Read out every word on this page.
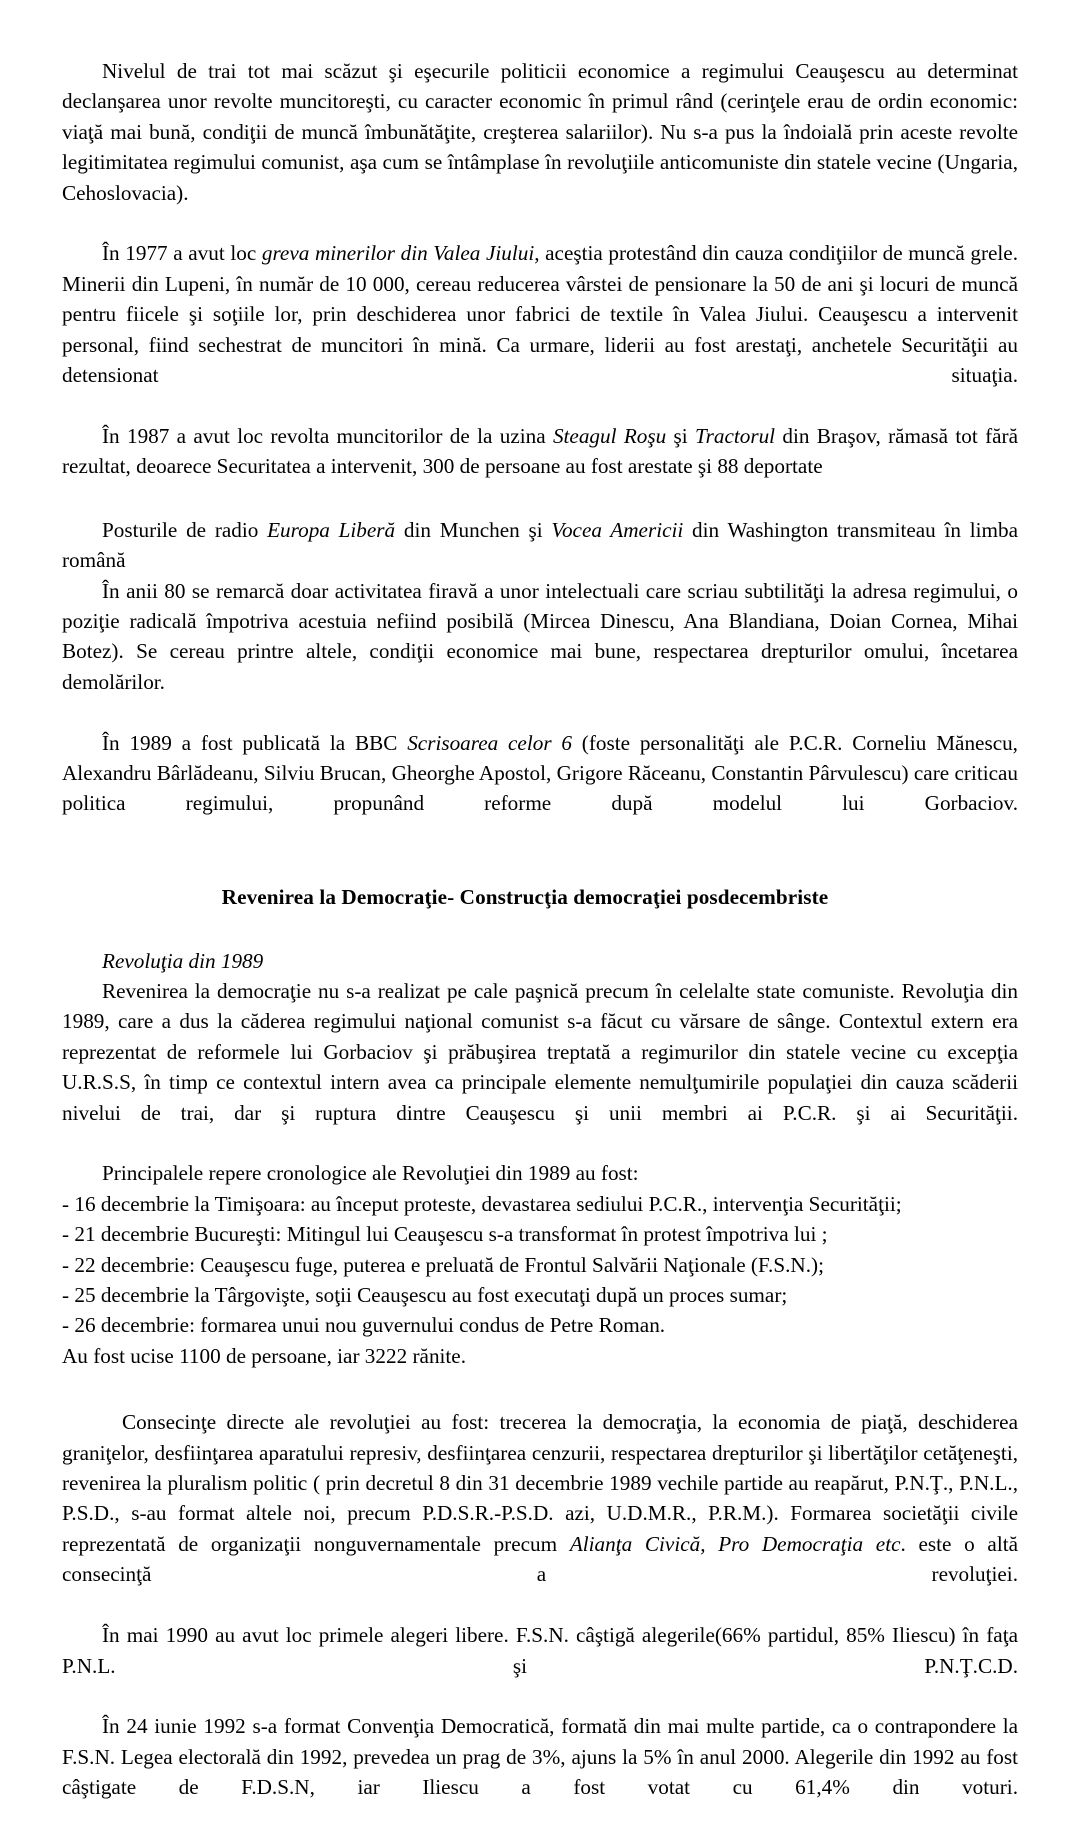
Nivelul de trai tot mai scăzut şi eşecurile politicii economice a regimului Ceauşescu au determinat declanşarea unor revolte muncitoreşti, cu caracter economic în primul rând (cerinţele erau de ordin economic: viaţă mai bună, condiţii de muncă îmbunătăţite, creşterea salariilor). Nu s-a pus la îndoială prin aceste revolte legitimitatea regimului comunist, aşa cum se întâmplase în revoluţiile anticomuniste din statele vecine (Ungaria, Cehoslovacia).

În 1977 a avut loc greva minerilor din Valea Jiului, aceştia protestând din cauza condiţiilor de muncă grele. Minerii din Lupeni, în număr de 10 000, cereau reducerea vârstei de pensionare la 50 de ani şi locuri de muncă pentru fiicele şi soţiile lor, prin deschiderea unor fabrici de textile în Valea Jiului. Ceauşescu a intervenit personal, fiind sechestrat de muncitori în mină. Ca urmare, liderii au fost arestaţi, anchetele Securităţii au detensionat situaţia.

În 1987 a avut loc revolta muncitorilor de la uzina Steagul Roşu şi Tractorul din Braşov, rămasă tot fără rezultat, deoarece Securitatea a intervenit, 300 de persoane au fost arestate şi 88 deportate

Posturile de radio Europa Liberă din Munchen şi Vocea Americii din Washington transmiteau în limba română

În anii 80 se remarcă doar activitatea firavă a unor intelectuali care scriau subtilităţi la adresa regimului, o poziţie radicală împotriva acestuia nefiind posibilă (Mircea Dinescu, Ana Blandiana, Doian Cornea, Mihai Botez). Se cereau printre altele, condiţii economice mai bune, respectarea drepturilor omului, încetarea demolărilor.

În 1989 a fost publicată la BBC Scrisoarea celor 6 (foste personalităţi ale P.C.R. Corneliu Mănescu, Alexandru Bârlădeanu, Silviu Brucan, Gheorghe Apostol, Grigore Răceanu, Constantin Pârvulescu) care criticau politica regimului, propunând reforme după modelul lui Gorbaciov.

Revenirea la Democraţie- Construcţia democraţiei posdecembriste

Revoluţia din 1989

Revenirea la democraţie nu s-a realizat pe cale paşnică precum în celelalte state comuniste. Revoluţia din 1989, care a dus la căderea regimului naţional comunist s-a făcut cu vărsare de sânge. Contextul extern era reprezentat de reformele lui Gorbaciov şi prăbuşirea treptată a regimurilor din statele vecine cu excepţia U.R.S.S, în timp ce contextul intern avea ca principale elemente nemulţumirile populaţiei din cauza scăderii nivelui de trai, dar şi ruptura dintre Ceauşescu şi unii membri ai P.C.R. şi ai Securităţii.

Principalele repere cronologice ale Revoluţiei din 1989 au fost:

- 16 decembrie la Timişoara: au început proteste, devastarea sediului P.C.R., intervenţia Securităţii;

- 21 decembrie Bucureşti: Mitingul lui Ceauşescu s-a transformat în protest împotriva lui ;

- 22 decembrie: Ceauşescu fuge, puterea e preluată de Frontul Salvării Naţionale (F.S.N.);

- 25 decembrie la Târgovişte, soţii Ceauşescu au fost executaţi după un proces sumar;

- 26 decembrie: formarea unui nou guvernului condus de Petre Roman.

Au fost ucise 1100 de persoane, iar 3222 rănite.

Consecinţe directe ale revoluţiei au fost: trecerea la democraţia, la economia de piaţă, deschiderea graniţelor, desfiinţarea aparatului represiv, desfiinţarea cenzurii, respectarea drepturilor şi libertăţilor cetăţeneşti, revenirea la pluralism politic ( prin decretul 8 din 31 decembrie 1989 vechile partide au reapărut, P.N.Ţ., P.N.L., P.S.D., s-au format altele noi, precum P.D.S.R.-P.S.D. azi, U.D.M.R., P.R.M.). Formarea societăţii civile reprezentată de organizaţii nonguvernamentale precum Alianţa Civică, Pro Democraţia etc. este o altă consecinţă a revoluţiei.

În mai 1990 au avut loc primele alegeri libere. F.S.N. câştigă alegerile(66% partidul, 85% Iliescu) în faţa P.N.L. şi P.N.Ţ.C.D.

În 24 iunie 1992 s-a format Convenţia Democratică, formată din mai multe partide, ca o contrapondere la F.S.N. Legea electorală din 1992, prevedea un prag de 3%, ajuns la 5% în anul 2000. Alegerile din 1992 au fost câştigate de F.D.S.N, iar Iliescu a fost votat cu 61,4% din voturi.
